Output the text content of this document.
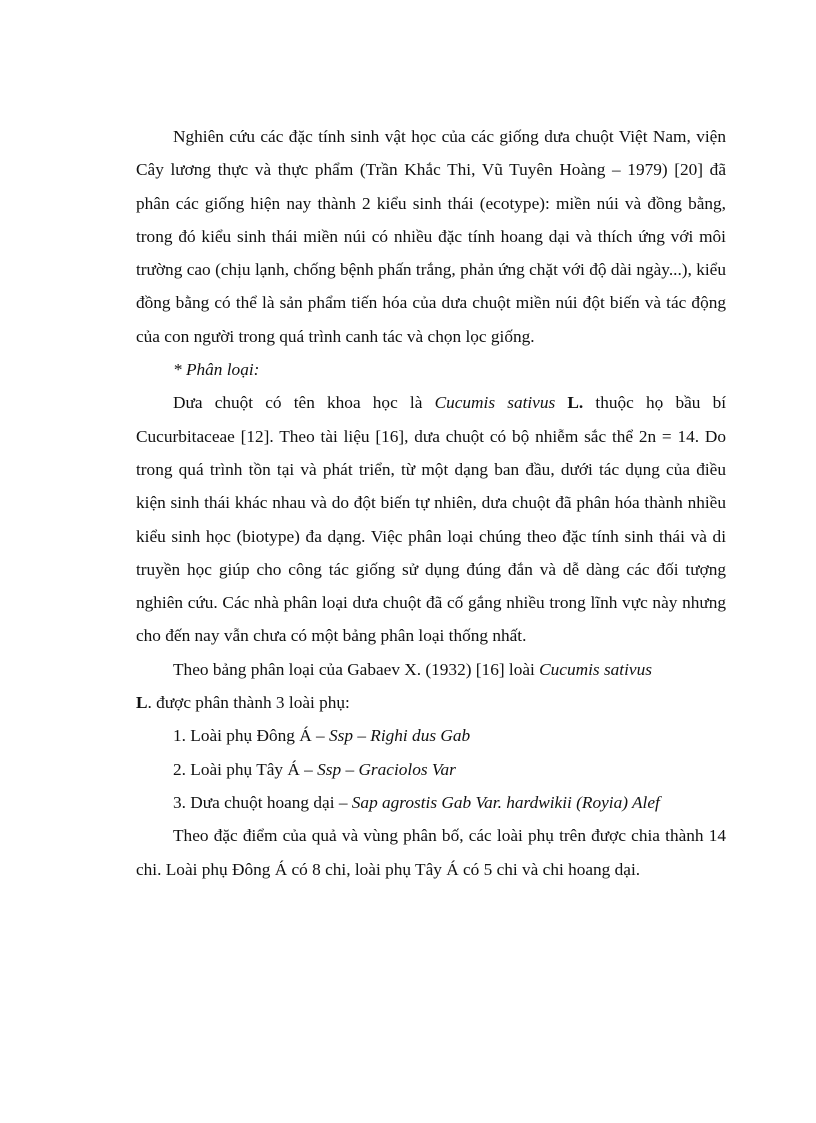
Nghiên cứu các đặc tính sinh vật học của các giống dưa chuột Việt Nam, viện Cây lương thực và thực phẩm (Trần Khắc Thi, Vũ Tuyên Hoàng – 1979) [20] đã phân các giống hiện nay thành 2 kiểu sinh thái (ecotype): miền núi và đồng bằng, trong đó kiểu sinh thái miền núi có nhiều đặc tính hoang dại và thích ứng với môi trường cao (chịu lạnh, chống bệnh phấn trắng, phản ứng chặt với độ dài ngày...), kiểu đồng bằng có thể là sản phẩm tiến hóa của dưa chuột miền núi đột biến và tác động của con người trong quá trình canh tác và chọn lọc giống.

* Phân loại:

Dưa chuột có tên khoa học là Cucumis sativus L. thuộc họ bầu bí Cucurbitaceae [12]. Theo tài liệu [16], dưa chuột có bộ nhiễm sắc thể 2n = 14. Do trong quá trình tồn tại và phát triển, từ một dạng ban đầu, dưới tác dụng của điều kiện sinh thái khác nhau và do đột biến tự nhiên, dưa chuột đã phân hóa thành nhiều kiểu sinh học (biotype) đa dạng. Việc phân loại chúng theo đặc tính sinh thái và di truyền học giúp cho công tác giống sử dụng đúng đắn và dễ dàng các đối tượng nghiên cứu. Các nhà phân loại dưa chuột đã cố gắng nhiều trong lĩnh vực này nhưng cho đến nay vẫn chưa có một bảng phân loại thống nhất.

Theo bảng phân loại của Gabaev X. (1932) [16] loài Cucumis sativus
L. được phân thành 3 loài phụ:

1. Loài phụ Đông Á – Ssp – Righi dus Gab

2. Loài phụ Tây Á – Ssp – Graciolos Var

3. Dưa chuột hoang dại – Sap agrostis Gab Var. hardwikii (Royia) Alef

Theo đặc điểm của quả và vùng phân bố, các loài phụ trên được chia thành 14 chi. Loài phụ Đông Á có 8 chi, loài phụ Tây Á có 5 chi và chi hoang dại.
